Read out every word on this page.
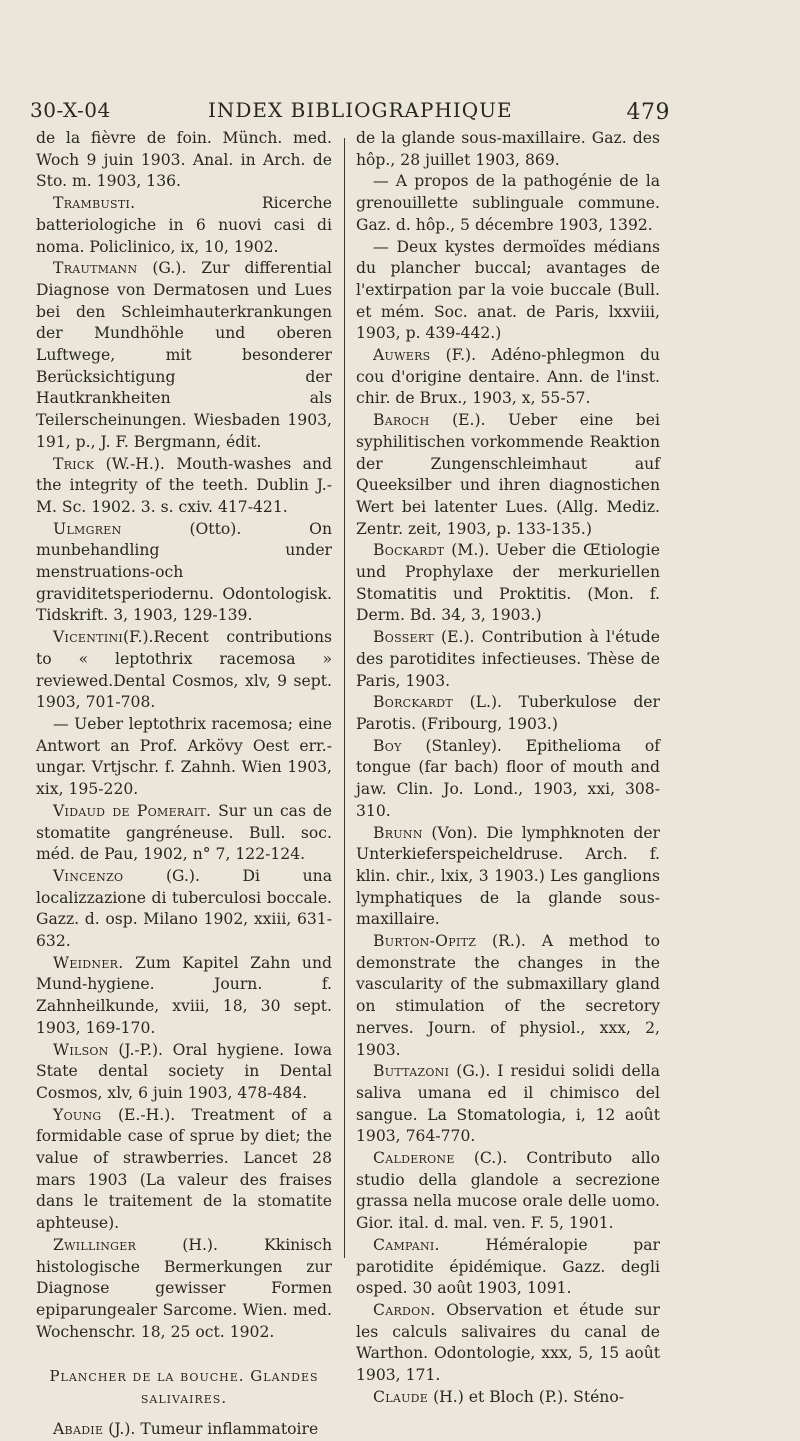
30-X-04	INDEX BIBLIOGRAPHIQUE	479

de la fièvre de foin. Münch. med. Woch 9 juin 1903. Anal. in Arch. de Sto. m. 1903, 136.

Trambusti. Ricerche batteriologiche in 6 nuovi casi di noma. Policlinico, ix, 10, 1902.

Trautmann (G.). Zur differential Diagnose von Dermatosen und Lues bei den Schleimhauterkrankungen der Mundhöhle und oberen Luftwege, mit besonderer Berücksichtigung der Hautkrankheiten als Teilerscheinungen. Wiesbaden 1903, 191, p., J. F. Bergmann, édit.

Trick (W.-H.). Mouth-washes and the integrity of the teeth. Dublin J.-M. Sc. 1902. 3. s. cxiv. 417-421.

Ulmgren (Otto). On munbehandling under menstruations-och graviditetsperiodernu. Odontologisk. Tidskrift. 3, 1903, 129-139.

Vicentini(F.).Recent contributions to « leptothrix racemosa » reviewed.Dental Cosmos, xlv, 9 sept. 1903, 701-708.

— Ueber leptothrix racemosa; eine Antwort an Prof. Arkövy Oest err.-ungar. Vrtjschr. f. Zahnh. Wien 1903, xix, 195-220.

Vidaud de Pomerait. Sur un cas de stomatite gangréneuse. Bull. soc. méd. de Pau, 1902, n° 7, 122-124.

Vincenzo (G.). Di una localizzazione di tuberculosi boccale. Gazz. d. osp. Milano 1902, xxiii, 631-632.

Weidner. Zum Kapitel Zahn und Mund-hygiene. Journ. f. Zahnheilkunde, xviii, 18, 30 sept. 1903, 169-170.

Wilson (J.-P.). Oral hygiene. Iowa State dental society in Dental Cosmos, xlv, 6 juin 1903, 478-484.

Young (E.-H.). Treatment of a formidable case of sprue by diet; the value of strawberries. Lancet 28 mars 1903 (La valeur des fraises dans le traitement de la stomatite aphteuse).

Zwillinger (H.). Kkinisch histologische Bermerkungen zur Diagnose gewisser Formen epiparungealer Sarcome. Wien. med. Wochenschr. 18, 25 oct. 1902.

Plancher de la bouche. Glandes
salivaires.

Abadie (J.). Tumeur inflammatoire

de la glande sous-maxillaire. Gaz. des hôp., 28 juillet 1903, 869.

— A propos de la pathogénie de la grenouillette sublinguale commune. Gaz. d. hôp., 5 décembre 1903, 1392.

— Deux kystes dermoïdes médians du plancher buccal; avantages de l'extirpation par la voie buccale (Bull. et mém. Soc. anat. de Paris, lxxviii, 1903, p. 439-442.)

Auwers (F.). Adéno-phlegmon du cou d'origine dentaire. Ann. de l'inst. chir. de Brux., 1903, x, 55-57.

Baroch (E.). Ueber eine bei syphilitischen vorkommende Reaktion der Zungenschleimhaut auf Queeksilber und ihren diagnostichen Wert bei latenter Lues. (Allg. Mediz. Zentr. zeit, 1903, p. 133-135.)

Bockardt (M.). Ueber die Œtiologie und Prophylaxe der merkuriellen Stomatitis und Proktitis. (Mon. f. Derm. Bd. 34, 3, 1903.)

Bossert (E.). Contribution à l'étude des parotidites infectieuses. Thèse de Paris, 1903.

Borckardt (L.). Tuberkulose der Parotis. (Fribourg, 1903.)

Boy (Stanley). Epithelioma of tongue (far bach) floor of mouth and jaw. Clin. Jo. Lond., 1903, xxi, 308-310.

Brunn (Von). Die lymphknoten der Unterkieferspeicheldruse. Arch. f. klin. chir., lxix, 3 1903.) Les ganglions lymphatiques de la glande sous-maxillaire.

Burton-Opitz (R.). A method to demonstrate the changes in the vascularity of the submaxillary gland on stimulation of the secretory nerves. Journ. of physiol., xxx, 2, 1903.

Buttazoni (G.). I residui solidi della saliva umana ed il chimisco del sangue. La Stomatologia, i, 12 août 1903, 764-770.

Calderone (C.). Contributo allo studio della glandole a secrezione grassa nella mucose orale delle uomo. Gior. ital. d. mal. ven. F. 5, 1901.

Campani. Héméralopie par parotidite épidémique. Gazz. degli osped. 30 août 1903, 1091.

Cardon. Observation et étude sur les calculs salivaires du canal de Warthon. Odontologie, xxx, 5, 15 août 1903, 171.

Claude (H.) et Bloch (P.). Sténo-
